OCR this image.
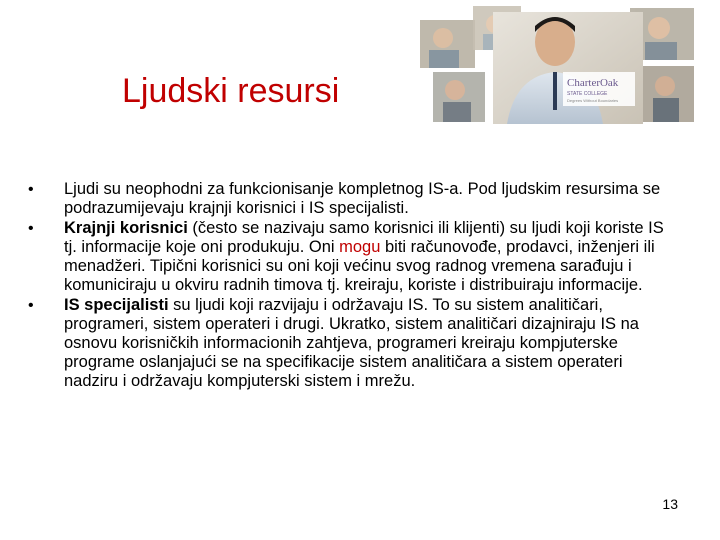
Ljudski resursi	CharterOak
STATE COLLEGE
Degrees Without Boundaries
• Ljudi su neophodni za funkcionisanje kompletnog IS-a. Pod ljudskim resursima se podrazumijevaju krajnji korisnici i IS specijalisti.
• Krajnji korisnici (često se nazivaju samo korisnici ili klijenti) su ljudi koji koriste IS tj. informacije koje oni produkuju. Oni mogu biti računovođe, prodavci, inženjeri ili menadžeri. Tipični korisnici su oni koji većinu svog radnog vremena sarađuju i komuniciraju u okviru radnih timova tj. kreiraju, koriste i distribuiraju informacije.
• IS specijalisti su ljudi koji razvijaju i održavaju IS. To su sistem analitičari, programeri, sistem operateri i drugi. Ukratko, sistem analitičari dizajniraju IS na osnovu korisničkih informacionih zahtjeva, programeri kreiraju kompjuterske programe oslanjajući se na specifikacije sistem analitičara a sistem operateri nadziru i održavaju kompjuterski sistem i mrežu.
13
